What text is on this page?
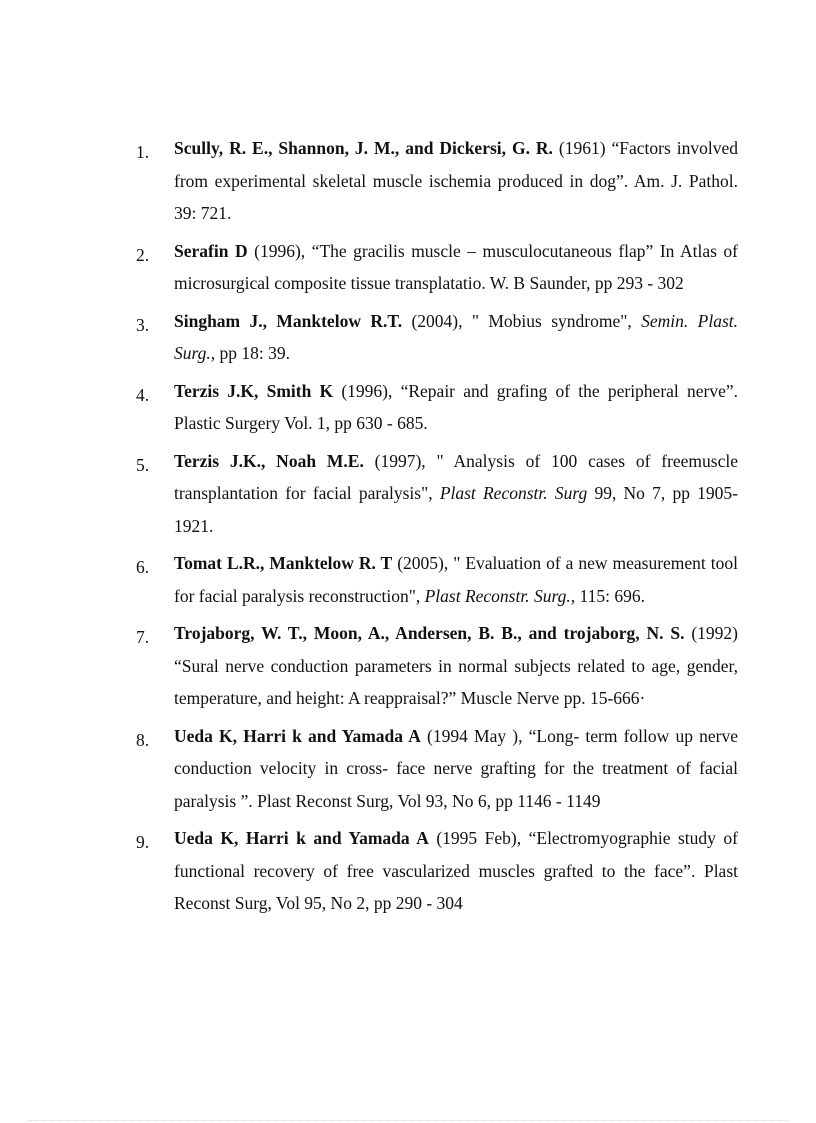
1. Scully, R. E., Shannon, J. M., and Dickersi, G. R. (1961) “Factors involved from experimental skeletal muscle ischemia produced in dog”. Am. J. Pathol. 39: 721.
2. Serafin D (1996), “The gracilis muscle – musculocutaneous flap” In Atlas of microsurgical composite tissue transplatatio. W. B Saunder, pp 293 - 302
3. Singham J., Manktelow R.T. (2004), " Mobius syndrome", Semin. Plast. Surg., pp 18: 39.
4. Terzis J.K, Smith K (1996), “Repair and grafing of the peripheral nerve”. Plastic Surgery Vol. 1, pp 630 - 685.
5. Terzis J.K., Noah M.E. (1997), " Analysis of 100 cases of freemuscle transplantation for facial paralysis", Plast Reconstr. Surg 99, No 7, pp 1905- 1921.
6. Tomat L.R., Manktelow R. T (2005), " Evaluation of a new measurement tool for facial paralysis reconstruction", Plast Reconstr. Surg., 115: 696.
7. Trojaborg, W. T., Moon, A., Andersen, B. B., and trojaborg, N. S. (1992) “Sural nerve conduction parameters in normal subjects related to age, gender, temperature, and height: A reappraisal?” Muscle Nerve pp. 15-666·
8. Ueda K, Harri k and Yamada A (1994 May ), “Long- term follow up nerve conduction velocity in cross- face nerve grafting for the treatment of facial paralysis ”. Plast Reconst Surg, Vol 93, No 6, pp 1146 - 1149
9. Ueda K, Harri k and Yamada A (1995 Feb), “Electromyographie study of functional recovery of free vascularized muscles grafted to the face”. Plast Reconst Surg, Vol 95, No 2, pp 290 - 304
